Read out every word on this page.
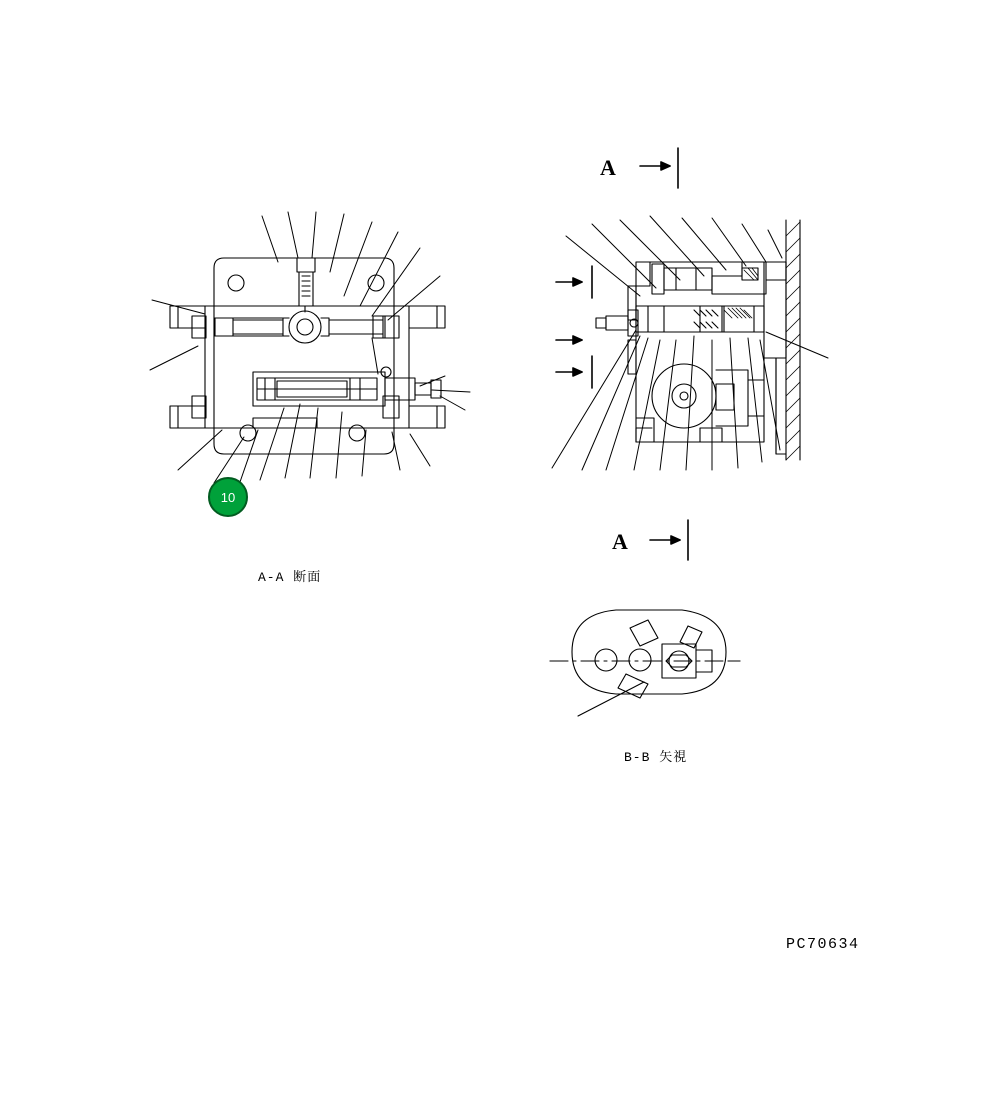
A
A
10
A-A 断面
B-B 矢視
PC70634
